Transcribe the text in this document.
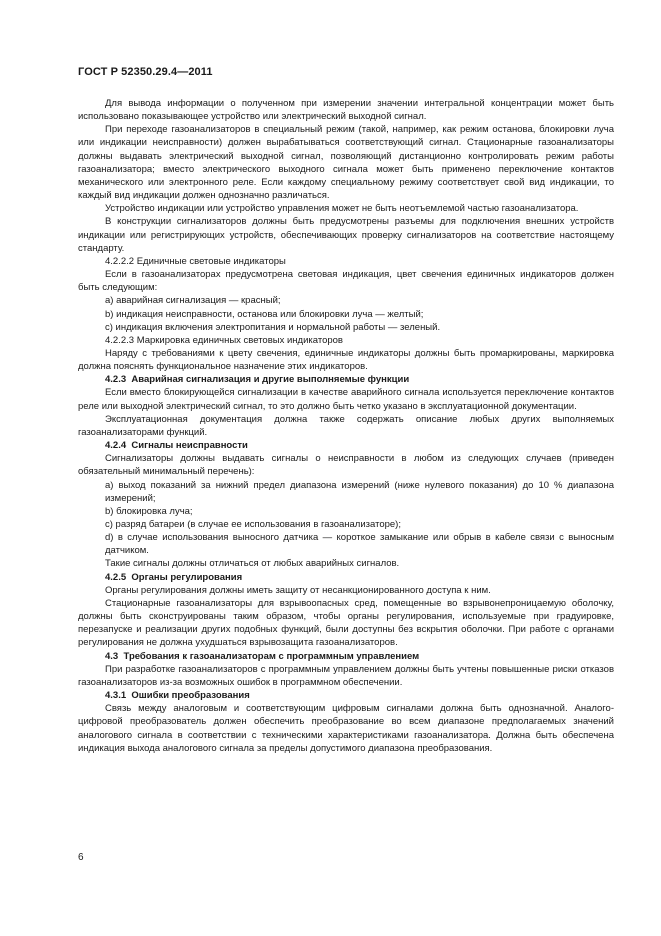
ГОСТ Р 52350.29.4—2011

Для вывода информации о полученном при измерении значении интегральной концентрации может быть использовано показывающее устройство или электрический выходной сигнал.

При переходе газоанализаторов в специальный режим (такой, например, как режим останова, блокировки луча или индикации неисправности) должен вырабатываться соответствующий сигнал. Стационарные газоанализаторы должны выдавать электрический выходной сигнал, позволяющий дистанционно контролировать режим работы газоанализатора; вместо электрического выходного сигнала может быть применено переключение контактов механического или электронного реле. Если каждому специальному режиму соответствует свой вид индикации, то каждый вид индикации должен однозначно различаться.

Устройство индикации или устройство управления может не быть неотъемлемой частью газоанализатора.

В конструкции сигнализаторов должны быть предусмотрены разъемы для подключения внешних устройств индикации или регистрирующих устройств, обеспечивающих проверку сигнализаторов на соответствие настоящему стандарту.

4.2.2.2 Единичные световые индикаторы

Если в газоанализаторах предусмотрена световая индикация, цвет свечения единичных индикаторов должен быть следующим:

a) аварийная сигнализация — красный;

b) индикация неисправности, останова или блокировки луча — желтый;

c) индикация включения электропитания и нормальной работы — зеленый.

4.2.2.3 Маркировка единичных световых индикаторов

Наряду с требованиями к цвету свечения, единичные индикаторы должны быть промаркированы, маркировка должна пояснять функциональное назначение этих индикаторов.

4.2.3 Аварийная сигнализация и другие выполняемые функции

Если вместо блокирующейся сигнализации в качестве аварийного сигнала используется переключение контактов реле или выходной электрический сигнал, то это должно быть четко указано в эксплуатационной документации.

Эксплуатационная документация должна также содержать описание любых других выполняемых газоанализаторами функций.

4.2.4 Сигналы неисправности

Сигнализаторы должны выдавать сигналы о неисправности в любом из следующих случаев (приведен обязательный минимальный перечень):

a) выход показаний за нижний предел диапазона измерений (ниже нулевого показания) до 10 % диапазона измерений;

b) блокировка луча;

c) разряд батареи (в случае ее использования в газоанализаторе);

d) в случае использования выносного датчика — короткое замыкание или обрыв в кабеле связи с выносным датчиком.

Такие сигналы должны отличаться от любых аварийных сигналов.

4.2.5 Органы регулирования

Органы регулирования должны иметь защиту от несанкционированного доступа к ним.

Стационарные газоанализаторы для взрывоопасных сред, помещенные во взрывонепроницаемую оболочку, должны быть сконструированы таким образом, чтобы органы регулирования, используемые при градуировке, перезапуске и реализации других подобных функций, были доступны без вскрытия оболочки. При работе с органами регулирования не должна ухудшаться взрывозащита газоанализаторов.

4.3 Требования к газоанализаторам с программным управлением

При разработке газоанализаторов с программным управлением должны быть учтены повышенные риски отказов газоанализаторов из-за возможных ошибок в программном обеспечении.

4.3.1 Ошибки преобразования

Связь между аналоговым и соответствующим цифровым сигналами должна быть однозначной. Аналого-цифровой преобразователь должен обеспечить преобразование во всем диапазоне предполагаемых значений аналогового сигнала в соответствии с техническими характеристиками газоанализатора. Должна быть обеспечена индикация выхода аналогового сигнала за пределы допустимого диапазона преобразования.

6
